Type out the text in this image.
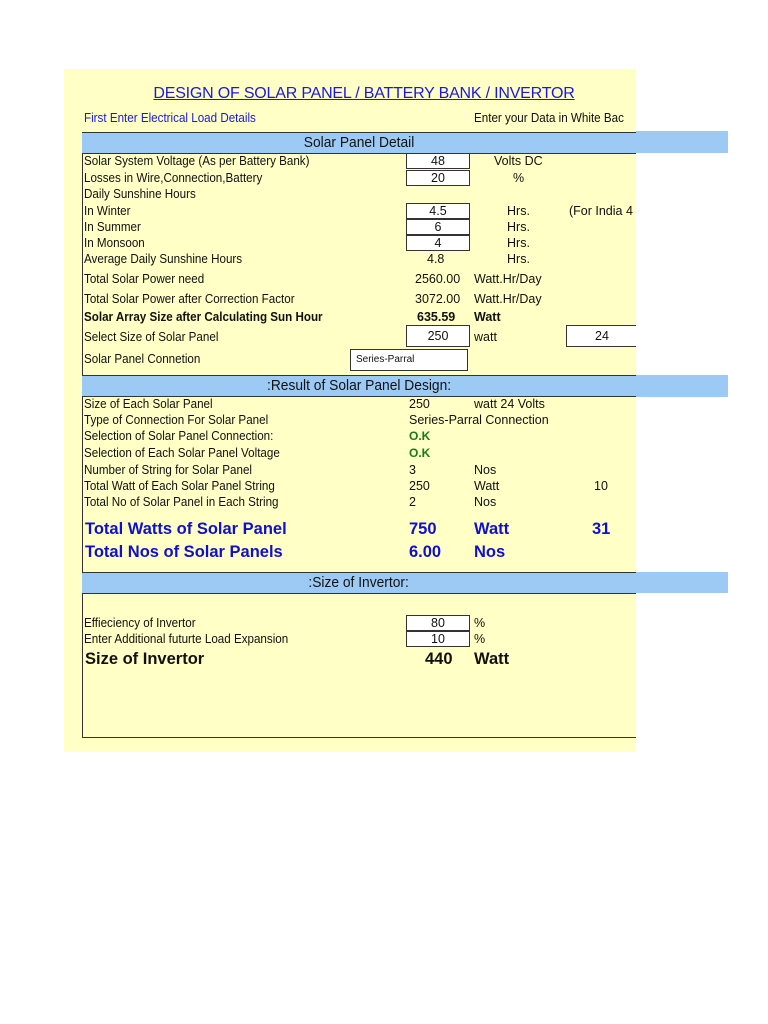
DESIGN OF SOLAR PANEL / BATTERY BANK / INVERTOR
First Enter Electrical Load Details	Enter your Data in White Bac
Solar Panel Detail
Solar System Voltage (As per Battery Bank)	48	Volts DC
Losses in Wire,Connection,Battery	20	%
Daily Sunshine Hours
In Winter	4.5	Hrs.	(For India 4
In Summer	6	Hrs.
In Monsoon	4	Hrs.
Average Daily Sunshine Hours	4.8	Hrs.
Total Solar Power need	2560.00 Watt.Hr/Day
Total Solar Power after Correction Factor	3072.00 Watt.Hr/Day
Solar Array Size after Calculating Sun Hour	635.59 Watt
Select Size of Solar Panel	250	watt	24
Solar Panel Connetion	Series-Parral
:Result of Solar Panel Design:
Size of Each Solar Panel	250	watt 24 Volts
Type of Connection For Solar Panel	Series-Parral Connection
Selection of Solar Panel Connection:	O.K
Selection of Each Solar Panel Voltage	O.K
Number of String for Solar Panel	3	Nos
Total Watt of Each Solar Panel String	250	Watt	10
Total No of Solar Panel in Each String	2	Nos
Total Watts of Solar Panel	750 Watt	31
Total Nos of Solar Panels	6.00 Nos
:Size of Invertor:
Effieciency of Invertor	80	%
Enter Additional futurte Load Expansion	10	%
Size of Invertor	440 Watt
